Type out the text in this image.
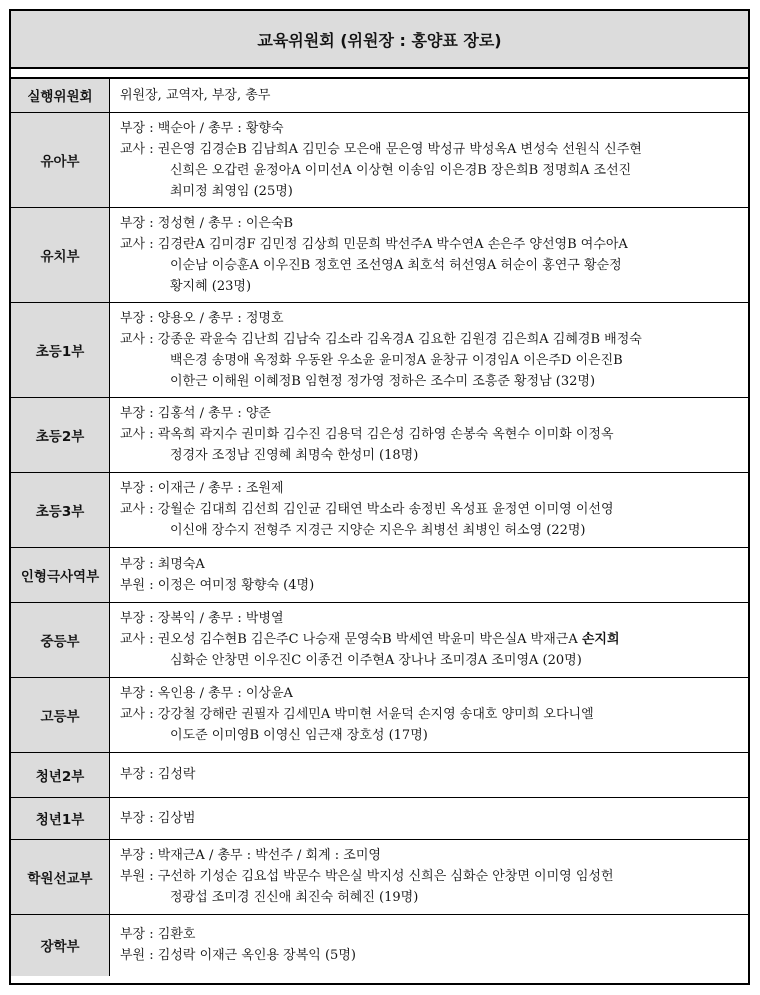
교육위원회 (위원장 : 홍양표 장로)
실행위원회	위원장, 교역자, 부장, 총무

유아부	부장 : 백순아 / 총무 : 황향숙
교사 : 권은영 김경순B 김남희A 김민승 모은애 문은영 박성규 박성옥A 변성숙 선원식 신주현
신희은 오갑련 윤정아A 이미선A 이상현 이송임 이은경B 장은희B 정명희A 조선진
최미정 최영임 (25명)

유치부	부장 : 정성현 / 총무 : 이은숙B
교사 : 김경란A 김미경F 김민정 김상희 민문희 박선주A 박수연A 손은주 양선영B 여수아A
이순남 이승훈A 이우진B 정호연 조선영A 최호석 허선영A 허순이 홍연구 황순정
황지혜 (23명)

초등1부	부장 : 양용오 / 총무 : 정명호
교사 : 강종운 곽윤숙 김난희 김남숙 김소라 김옥경A 김요한 김원경 김은희A 김혜경B 배정숙
백은경 송명애 옥정화 우동완 우소윤 윤미정A 윤창규 이경임A 이은주D 이은진B
이한근 이해원 이혜정B 임현정 정가영 정하은 조수미 조흥준 황정남 (32명)

초등2부	부장 : 김홍석 / 총무 : 양준
교사 : 곽옥희 곽지수 권미화 김수진 김용덕 김은성 김하영 손봉숙 옥현수 이미화 이정옥
정경자 조정남 진영혜 최명숙 한성미 (18명)

초등3부	부장 : 이재근 / 총무 : 조원제
교사 : 강월순 김대희 김선희 김인균 김태연 박소라 송정빈 옥성표 윤정연 이미영 이선영
이신애 장수지 전형주 지경근 지양순 지은우 최병선 최병인 허소영 (22명)

인형극사역부	부장 : 최명숙A
부원 : 이정은 여미정 황향숙 (4명)

중등부	부장 : 장복익 / 총무 : 박병열
교사 : 권오성 김수현B 김은주C 나승재 문영숙B 박세연 박윤미 박은실A 박재근A 손지희
심화순 안창면 이우진C 이종건 이주현A 장나나 조미경A 조미영A (20명)

고등부	부장 : 옥인용 / 총무 : 이상윤A
교사 : 강강철 강해란 권필자 김세민A 박미현 서윤덕 손지영 송대호 양미희 오다니엘
이도준 이미영B 이영신 임근재 장호성 (17명)

청년2부	부장 : 김성락

청년1부	부장 : 김상범

학원선교부	부장 : 박재근A / 총무 : 박선주 / 회계 : 조미영
부원 : 구선하 기성순 김요섭 박문수 박은실 박지성 신희은 심화순 안창면 이미영 임성헌
정광섭 조미경 진신애 최진숙 허혜진 (19명)

장학부	부장 : 김환호
부원 : 김성락 이재근 옥인용 장복익 (5명)
